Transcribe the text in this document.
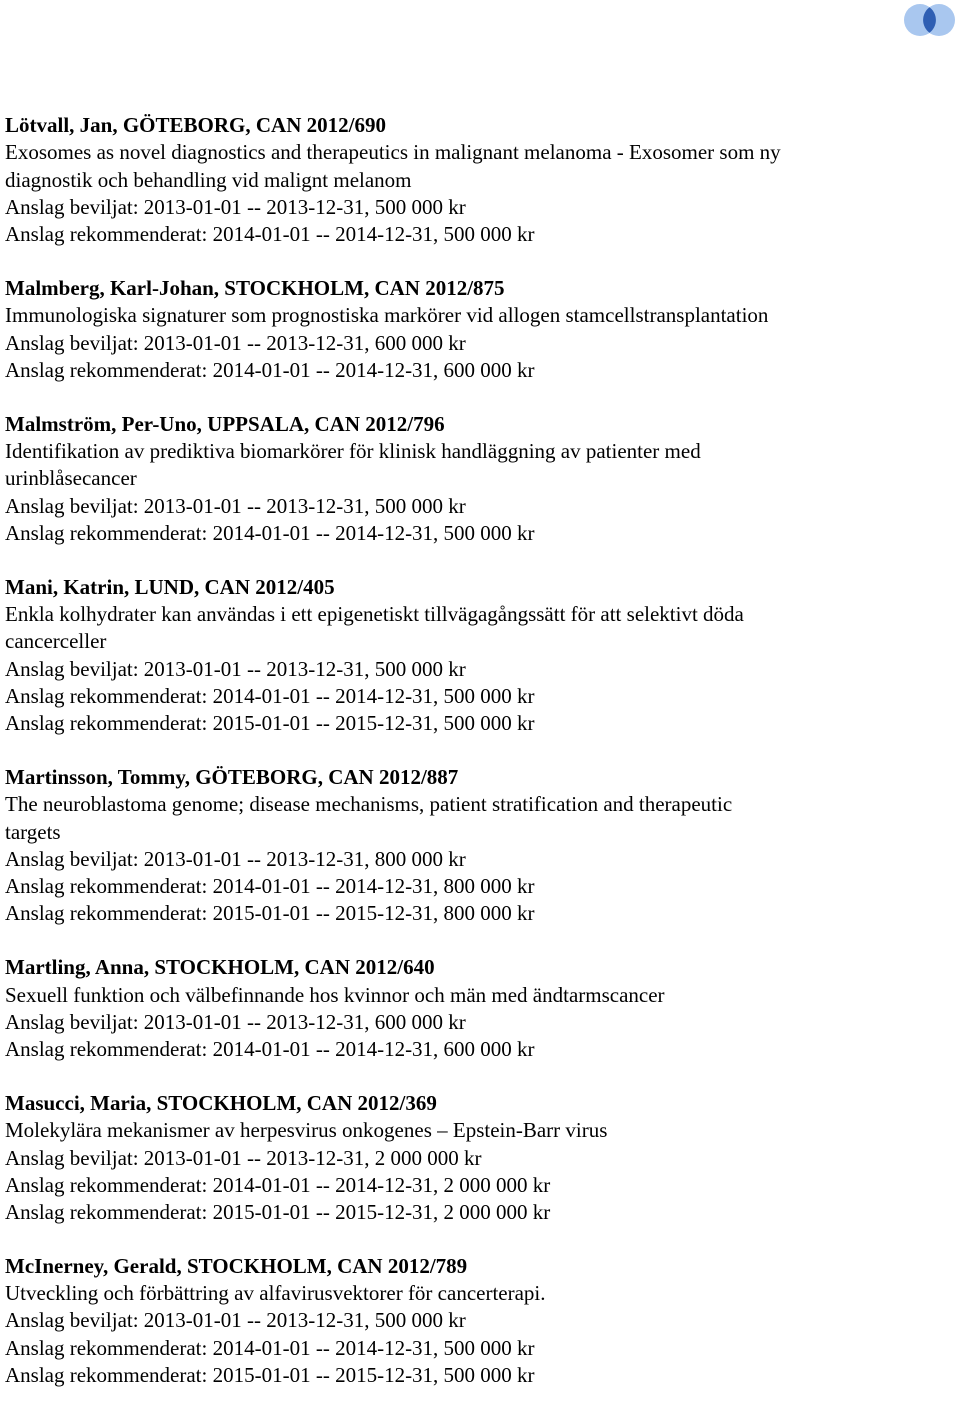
Lötvall, Jan, GÖTEBORG, CAN 2012/690
Exosomes as novel diagnostics and therapeutics in malignant melanoma - Exosomer som ny
diagnostik och behandling vid malignt melanom
Anslag beviljat: 2013-01-01 -- 2013-12-31, 500 000 kr
Anslag rekommenderat: 2014-01-01 -- 2014-12-31, 500 000 kr
Malmberg, Karl-Johan, STOCKHOLM, CAN 2012/875
Immunologiska signaturer som prognostiska markörer vid allogen stamcellstransplantation
Anslag beviljat: 2013-01-01 -- 2013-12-31, 600 000 kr
Anslag rekommenderat: 2014-01-01 -- 2014-12-31, 600 000 kr
Malmström, Per-Uno, UPPSALA, CAN 2012/796
Identifikation av prediktiva biomarkörer för klinisk handläggning av patienter med
urinblåsecancer
Anslag beviljat: 2013-01-01 -- 2013-12-31, 500 000 kr
Anslag rekommenderat: 2014-01-01 -- 2014-12-31, 500 000 kr
Mani, Katrin, LUND, CAN 2012/405
Enkla kolhydrater kan användas i ett epigenetiskt tillvägagångssätt för att selektivt döda
cancerceller
Anslag beviljat: 2013-01-01 -- 2013-12-31, 500 000 kr
Anslag rekommenderat: 2014-01-01 -- 2014-12-31, 500 000 kr
Anslag rekommenderat: 2015-01-01 -- 2015-12-31, 500 000 kr
Martinsson, Tommy, GÖTEBORG, CAN 2012/887
The neuroblastoma genome; disease mechanisms, patient stratification and therapeutic
targets
Anslag beviljat: 2013-01-01 -- 2013-12-31, 800 000 kr
Anslag rekommenderat: 2014-01-01 -- 2014-12-31, 800 000 kr
Anslag rekommenderat: 2015-01-01 -- 2015-12-31, 800 000 kr
Martling, Anna, STOCKHOLM, CAN 2012/640
Sexuell funktion och välbefinnande hos kvinnor och män med ändtarmscancer
Anslag beviljat: 2013-01-01 -- 2013-12-31, 600 000 kr
Anslag rekommenderat: 2014-01-01 -- 2014-12-31, 600 000 kr
Masucci, Maria, STOCKHOLM, CAN 2012/369
Molekylära mekanismer av herpesvirus onkogenes – Epstein-Barr virus
Anslag beviljat: 2013-01-01 -- 2013-12-31, 2 000 000 kr
Anslag rekommenderat: 2014-01-01 -- 2014-12-31, 2 000 000 kr
Anslag rekommenderat: 2015-01-01 -- 2015-12-31, 2 000 000 kr
McInerney, Gerald, STOCKHOLM, CAN 2012/789
Utveckling och förbättring av alfavirusvektorer för cancerterapi.
Anslag beviljat: 2013-01-01 -- 2013-12-31, 500 000 kr
Anslag rekommenderat: 2014-01-01 -- 2014-12-31, 500 000 kr
Anslag rekommenderat: 2015-01-01 -- 2015-12-31, 500 000 kr
